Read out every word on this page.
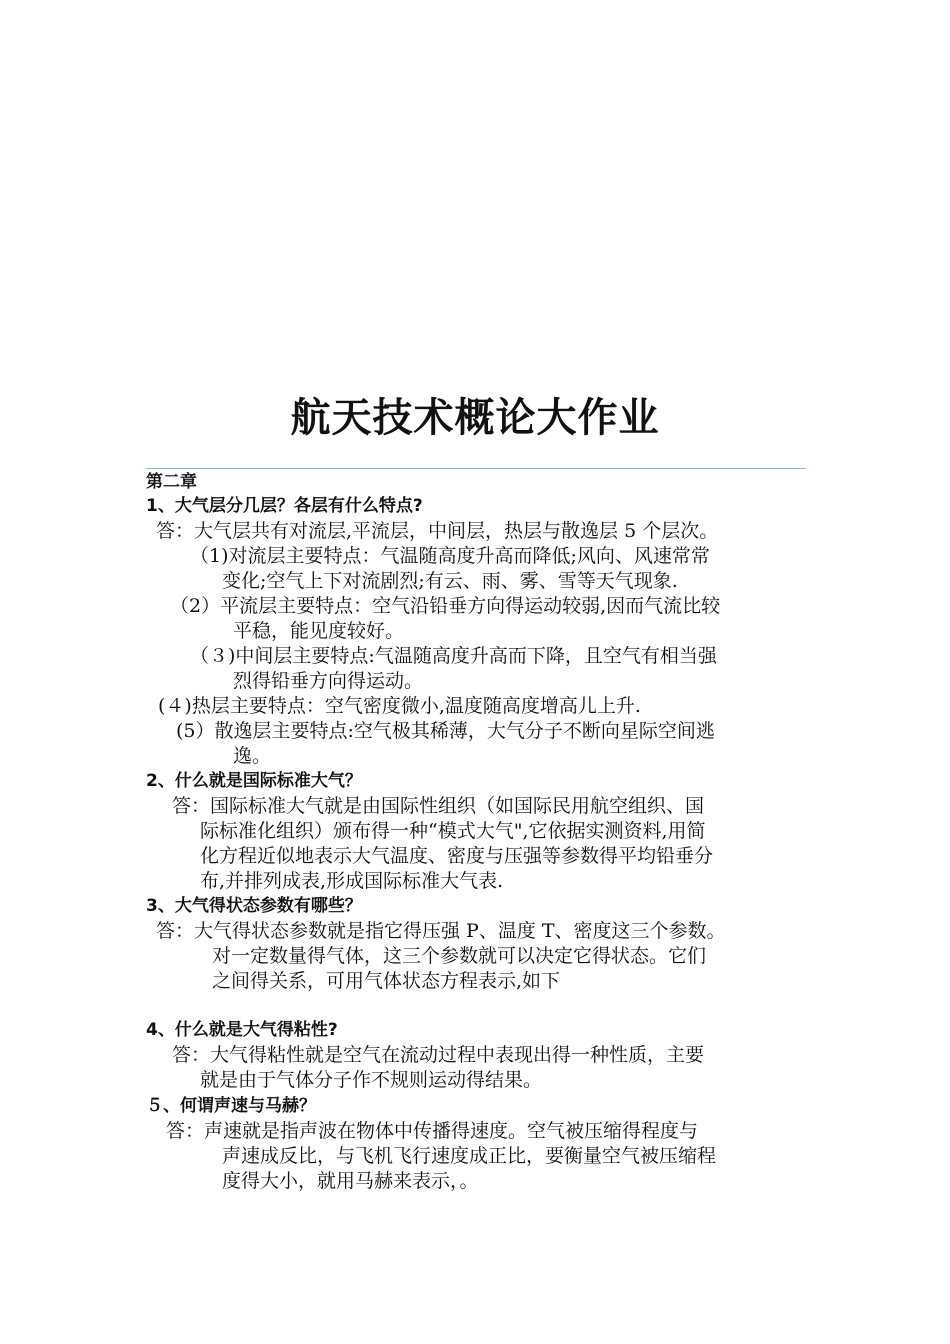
航天技术概论大作业
第二章
1、大气层分几层？各层有什么特点?
答：大气层共有对流层,平流层，中间层，热层与散逸层 5 个层次。
（1)对流层主要特点：气温随高度升高而降低;风向、风速常常
变化;空气上下对流剧烈;有云、雨、雾、雪等天气现象.
（2）平流层主要特点：空气沿铅垂方向得运动较弱,因而气流比较
平稳，能见度较好。
（３)中间层主要特点:气温随高度升高而下降，且空气有相当强
烈得铅垂方向得运动。
(４)热层主要特点：空气密度微小,温度随高度增高儿上升.
(5）散逸层主要特点:空气极其稀薄，大气分子不断向星际空间逃
逸。
2、什么就是国际标准大气？
答：国际标准大气就是由国际性组织（如国际民用航空组织、国
际标准化组织）颁布得一种“模式大气",它依据实测资料,用简
化方程近似地表示大气温度、密度与压强等参数得平均铅垂分
布,并排列成表,形成国际标准大气表.
3、大气得状态参数有哪些？
答：大气得状态参数就是指它得压强 P、温度 T、密度这三个参数。
对一定数量得气体，这三个参数就可以决定它得状态。它们
之间得关系，可用气体状态方程表示,如下
4、什么就是大气得粘性?
答：大气得粘性就是空气在流动过程中表现出得一种性质，主要
就是由于气体分子作不规则运动得结果。
５、何谓声速与马赫？
答：声速就是指声波在物体中传播得速度。空气被压缩得程度与
声速成反比，与飞机飞行速度成正比，要衡量空气被压缩程
度得大小，就用马赫来表示，。
